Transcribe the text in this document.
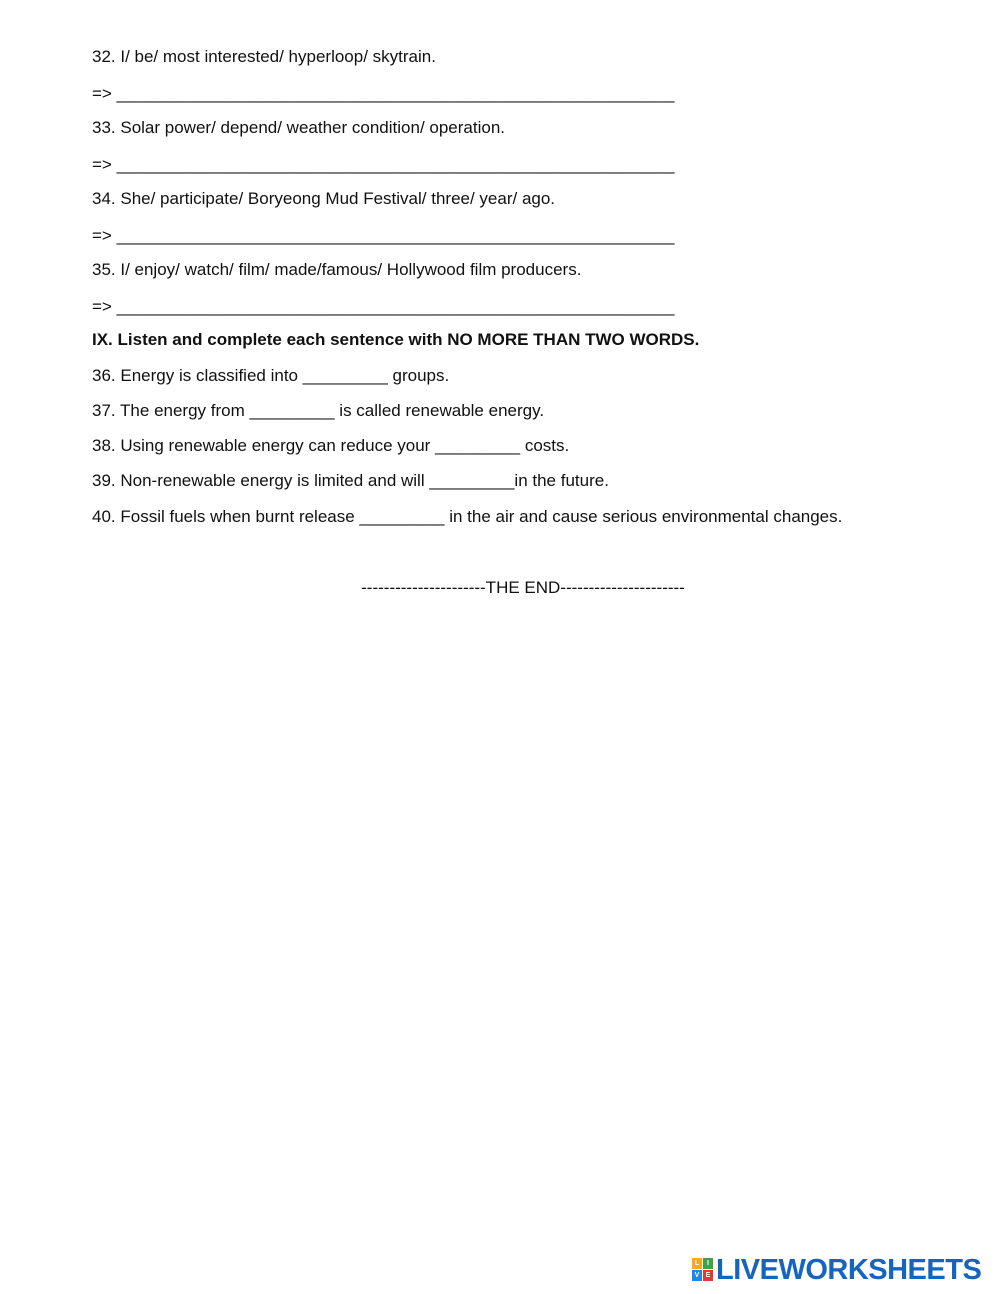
32. I/ be/ most interested/ hyperloop/ skytrain.
=> ___________________________________________________________
33. Solar power/ depend/ weather condition/ operation.
=> ___________________________________________________________
34. She/ participate/ Boryeong Mud Festival/ three/ year/ ago.
=> ___________________________________________________________
35. I/ enjoy/ watch/ film/ made/famous/ Hollywood film producers.
=> ___________________________________________________________
IX. Listen and complete each sentence with NO MORE THAN TWO WORDS.
36. Energy is classified into _________ groups.
37. The energy from _________ is called renewable energy.
38. Using renewable energy can reduce your _________ costs.
39. Non-renewable energy is limited and will _________in the future.
40. Fossil fuels when burnt release _________ in the air and cause serious environmental changes.
----------------------THE END----------------------
L	I
V E LIVEWORKSHEETS
